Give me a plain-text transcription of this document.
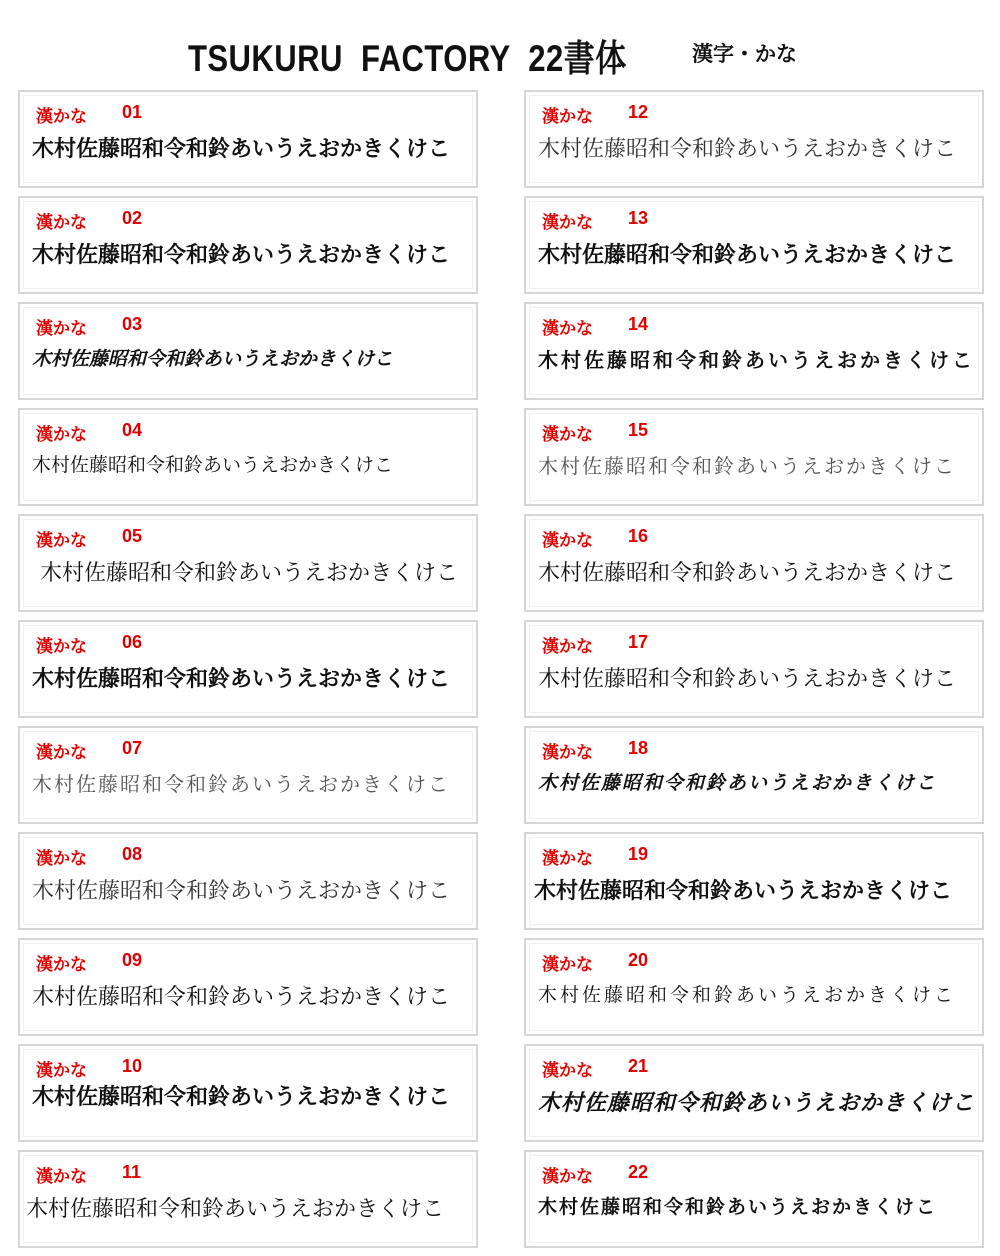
TSUKURU  FACTORY  22書体	漢字・かな
漢かな 01
木村佐藤昭和令和鈴あいうえおかきくけこ
漢かな 02
木村佐藤昭和令和鈴あいうえおかきくけこ
漢かな 03
木村佐藤昭和令和鈴あいうえおかきくけこ
漢かな 04
木村佐藤昭和令和鈴あいうえおかきくけこ
漢かな 05
木村佐藤昭和令和鈴あいうえおかきくけこ
漢かな 06
木村佐藤昭和令和鈴あいうえおかきくけこ
漢かな 07
木村佐藤昭和令和鈴あいうえおかきくけこ
漢かな 08
木村佐藤昭和令和鈴あいうえおかきくけこ
漢かな 09
木村佐藤昭和令和鈴あいうえおかきくけこ
漢かな 10
木村佐藤昭和令和鈴あいうえおかきくけこ
漢かな 11
木村佐藤昭和令和鈴あいうえおかきくけこ
漢かな 12
木村佐藤昭和令和鈴あいうえおかきくけこ
漢かな 13
木村佐藤昭和令和鈴あいうえおかきくけこ
漢かな 14
木村佐藤昭和令和鈴あいうえおかきくけこ
漢かな 15
木村佐藤昭和令和鈴あいうえおかきくけこ
漢かな 16
木村佐藤昭和令和鈴あいうえおかきくけこ
漢かな 17
木村佐藤昭和令和鈴あいうえおかきくけこ
漢かな 18
木村佐藤昭和令和鈴あいうえおかきくけこ
漢かな 19
木村佐藤昭和令和鈴あいうえおかきくけこ
漢かな 20
木村佐藤昭和令和鈴あいうえおかきくけこ
漢かな 21
木村佐藤昭和令和鈴あいうえおかきくけこ
漢かな 22
木村佐藤昭和令和鈴あいうえおかきくけこ
